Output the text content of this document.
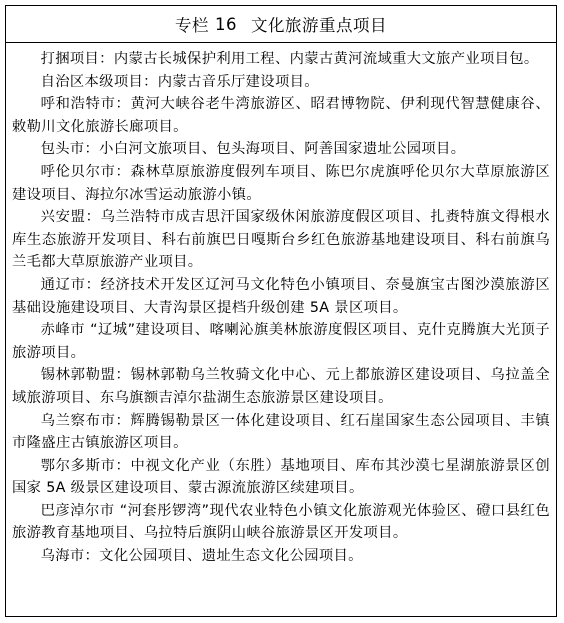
专栏 16 文化旅游重点项目

打捆项目：内蒙古长城保护利用工程、内蒙古黄河流域重大文旅产业项目包。

自治区本级项目：内蒙古音乐厅建设项目。

呼和浩特市：黄河大峡谷老牛湾旅游区、昭君博物院、伊利现代智慧健康谷、敕勒川文化旅游长廊项目。

包头市：小白河文旅项目、包头海项目、阿善国家遗址公园项目。

呼伦贝尔市：森林草原旅游度假列车项目、陈巴尔虎旗呼伦贝尔大草原旅游区建设项目、海拉尔冰雪运动旅游小镇。

兴安盟：乌兰浩特市成吉思汗国家级休闲旅游度假区项目、扎赉特旗文得根水库生态旅游开发项目、科右前旗巴日嘎斯台乡红色旅游基地建设项目、科右前旗乌兰毛都大草原旅游产业项目。

通辽市：经济技术开发区辽河马文化特色小镇项目、奈曼旗宝古图沙漠旅游区基础设施建设项目、大青沟景区提档升级创建 5A 景区项目。

赤峰市 “辽城”建设项目、喀喇沁旗美林旅游度假区项目、克什克腾旗大光顶子旅游项目。

锡林郭勒盟：锡林郭勒乌兰牧骑文化中心、元上都旅游区建设项目、乌拉盖全域旅游项目、东乌旗额吉淖尔盐湖生态旅游景区建设项目。

乌兰察布市：辉腾锡勒景区一体化建设项目、红石崖国家生态公园项目、丰镇市隆盛庄古镇旅游区项目。

鄂尔多斯市：中视文化产业（东胜）基地项目、库布其沙漠七星湖旅游景区创国家 5A 级景区建设项目、蒙古源流旅游区续建项目。

巴彦淖尔市 “河套彤锣湾”现代农业特色小镇文化旅游观光体验区、磴口县红色旅游教育基地项目、乌拉特后旗阴山峡谷旅游景区开发项目。

乌海市：文化公园项目、遗址生态文化公园项目。
